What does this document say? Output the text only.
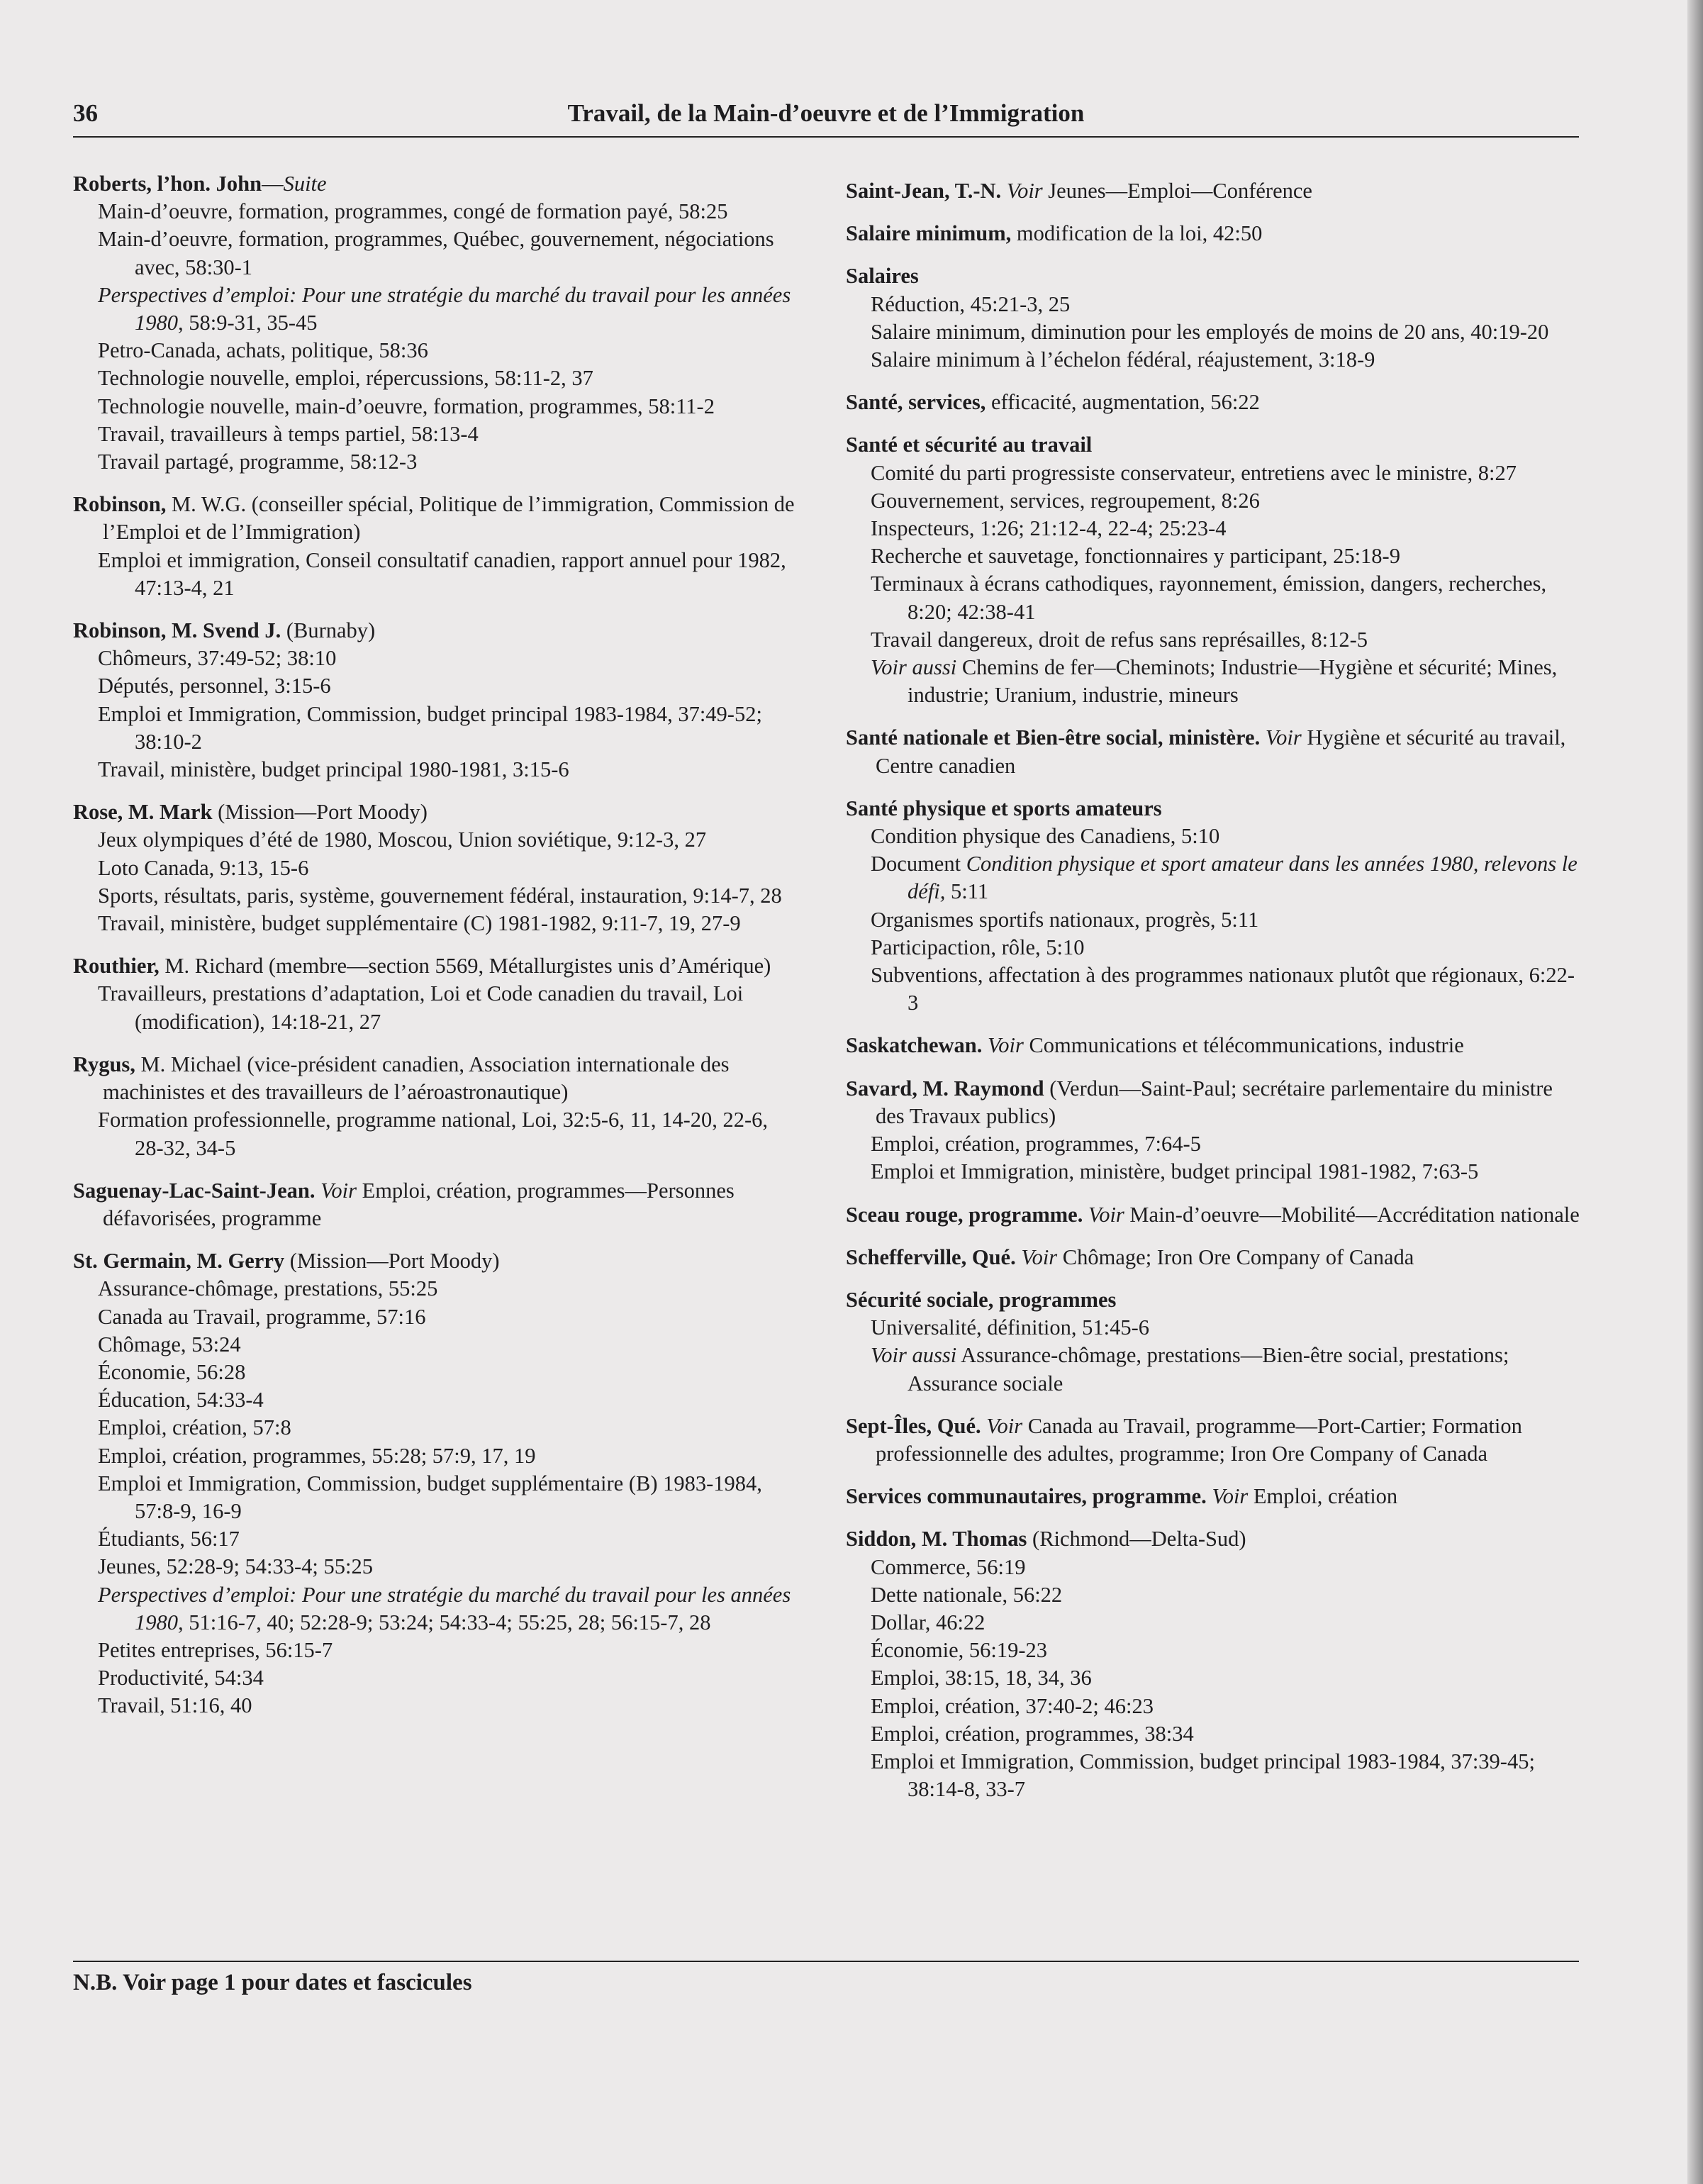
36	Travail, de la Main-d’oeuvre et de l’Immigration
Roberts, l’hon. John—Suite
Main-d’oeuvre, formation, programmes, congé de formation payé, 58:25
Main-d’oeuvre, formation, programmes, Québec, gouvernement, négociations avec, 58:30-1
Perspectives d’emploi: Pour une stratégie du marché du travail pour les années 1980, 58:9-31, 35-45
Petro-Canada, achats, politique, 58:36
Technologie nouvelle, emploi, répercussions, 58:11-2, 37
Technologie nouvelle, main-d’oeuvre, formation, programmes, 58:11-2
Travail, travailleurs à temps partiel, 58:13-4
Travail partagé, programme, 58:12-3
Robinson, M. W.G. (conseiller spécial, Politique de l’immigration, Commission de l’Emploi et de l’Immigration)
Emploi et immigration, Conseil consultatif canadien, rapport annuel pour 1982, 47:13-4, 21
Robinson, M. Svend J. (Burnaby)
Chômeurs, 37:49-52; 38:10
Députés, personnel, 3:15-6
Emploi et Immigration, Commission, budget principal 1983-1984, 37:49-52; 38:10-2
Travail, ministère, budget principal 1980-1981, 3:15-6
Rose, M. Mark (Mission—Port Moody)
Jeux olympiques d’été de 1980, Moscou, Union soviétique, 9:12-3, 27
Loto Canada, 9:13, 15-6
Sports, résultats, paris, système, gouvernement fédéral, instauration, 9:14-7, 28
Travail, ministère, budget supplémentaire (C) 1981-1982, 9:11-7, 19, 27-9
Routhier, M. Richard (membre—section 5569, Métallurgistes unis d’Amérique)
Travailleurs, prestations d’adaptation, Loi et Code canadien du travail, Loi (modification), 14:18-21, 27
Rygus, M. Michael (vice-président canadien, Association internationale des machinistes et des travailleurs de l’aéroastronautique)
Formation professionnelle, programme national, Loi, 32:5-6, 11, 14-20, 22-6, 28-32, 34-5
Saguenay-Lac-Saint-Jean. Voir Emploi, création, programmes—Personnes défavorisées, programme
St. Germain, M. Gerry (Mission—Port Moody)
Assurance-chômage, prestations, 55:25
Canada au Travail, programme, 57:16
Chômage, 53:24
Économie, 56:28
Éducation, 54:33-4
Emploi, création, 57:8
Emploi, création, programmes, 55:28; 57:9, 17, 19
Emploi et Immigration, Commission, budget supplémentaire (B) 1983-1984, 57:8-9, 16-9
Étudiants, 56:17
Jeunes, 52:28-9; 54:33-4; 55:25
Perspectives d’emploi: Pour une stratégie du marché du travail pour les années 1980, 51:16-7, 40; 52:28-9; 53:24; 54:33-4; 55:25, 28; 56:15-7, 28
Petites entreprises, 56:15-7
Productivité, 54:34
Travail, 51:16, 40
Saint-Jean, T.-N. Voir Jeunes—Emploi—Conférence
Salaire minimum, modification de la loi, 42:50
Salaires
Réduction, 45:21-3, 25
Salaire minimum, diminution pour les employés de moins de 20 ans, 40:19-20
Salaire minimum à l’échelon fédéral, réajustement, 3:18-9
Santé, services, efficacité, augmentation, 56:22
Santé et sécurité au travail
Comité du parti progressiste conservateur, entretiens avec le ministre, 8:27
Gouvernement, services, regroupement, 8:26
Inspecteurs, 1:26; 21:12-4, 22-4; 25:23-4
Recherche et sauvetage, fonctionnaires y participant, 25:18-9
Terminaux à écrans cathodiques, rayonnement, émission, dangers, recherches, 8:20; 42:38-41
Travail dangereux, droit de refus sans représailles, 8:12-5
Voir aussi Chemins de fer—Cheminots; Industrie—Hygiène et sécurité; Mines, industrie; Uranium, industrie, mineurs
Santé nationale et Bien-être social, ministère. Voir Hygiène et sécurité au travail, Centre canadien
Santé physique et sports amateurs
Condition physique des Canadiens, 5:10
Document Condition physique et sport amateur dans les années 1980, relevons le défi, 5:11
Organismes sportifs nationaux, progrès, 5:11
Participaction, rôle, 5:10
Subventions, affectation à des programmes nationaux plutôt que régionaux, 6:22-3
Saskatchewan. Voir Communications et télécommunications, industrie
Savard, M. Raymond (Verdun—Saint-Paul; secrétaire parlementaire du ministre des Travaux publics)
Emploi, création, programmes, 7:64-5
Emploi et Immigration, ministère, budget principal 1981-1982, 7:63-5
Sceau rouge, programme. Voir Main-d’oeuvre—Mobilité—Accréditation nationale
Schefferville, Qué. Voir Chômage; Iron Ore Company of Canada
Sécurité sociale, programmes
Universalité, définition, 51:45-6
Voir aussi Assurance-chômage, prestations—Bien-être social, prestations; Assurance sociale
Sept-Îles, Qué. Voir Canada au Travail, programme—Port-Cartier; Formation professionnelle des adultes, programme; Iron Ore Company of Canada
Services communautaires, programme. Voir Emploi, création
Siddon, M. Thomas (Richmond—Delta-Sud)
Commerce, 56:19
Dette nationale, 56:22
Dollar, 46:22
Économie, 56:19-23
Emploi, 38:15, 18, 34, 36
Emploi, création, 37:40-2; 46:23
Emploi, création, programmes, 38:34
Emploi et Immigration, Commission, budget principal 1983-1984, 37:39-45; 38:14-8, 33-7
N.B. Voir page 1 pour dates et fascicules
